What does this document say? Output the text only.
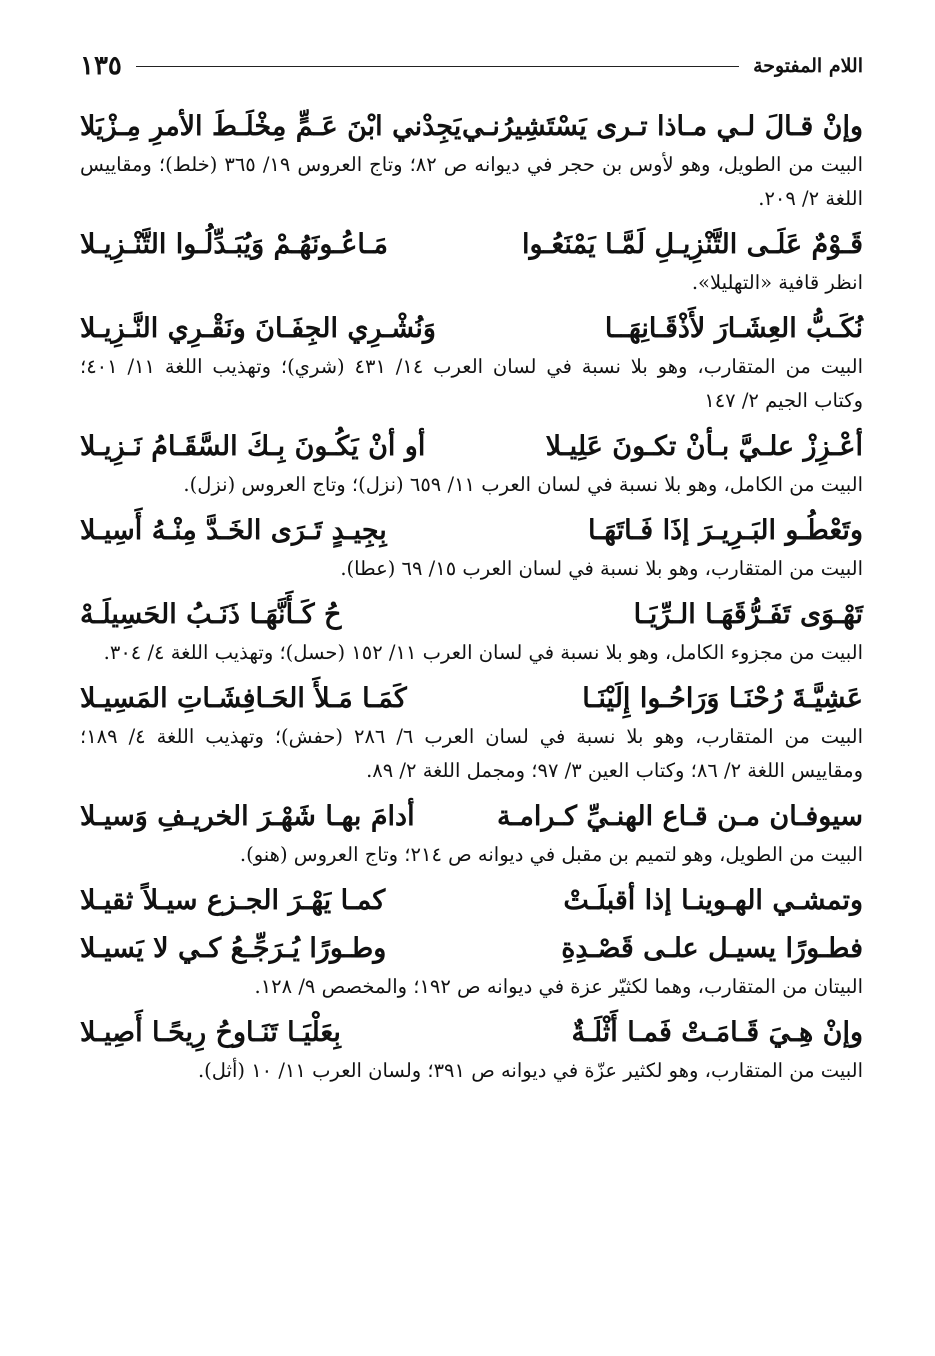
اللام المفتوحة
١٣٥
وإنْ قـالَ لـي مـاذا تـرى يَسْتَشِيرُنـي
يَجِدْني ابْنَ عَـمٍّ مِخْلَـطَ الأمرِ مِـزْيَلا
البيت من الطويل، وهو لأوس بن حجر في ديوانه ص ٨٢؛ وتاج العروس ١٩/ ٣٦٥ (خلط)؛ ومقاييس اللغة ٢/ ٢٠٩.
قَـوْمٌ عَلَـى التَّنْزِيـلِ لَمَّـا يَمْنَعُـوا
مَـاعُـونَهُـمْ وَيُبَـدِّلُـوا التَّنْـزِيـلا
انظر قافية «التهليلا».
نُكَـبُّ العِشَـارَ لأَذْقَـانِهَــا
وَنُشْـرِي الجِفَـانَ ونَقْـرِي النَّـزِيـلا
البيت من المتقارب، وهو بلا نسبة في لسان العرب ١٤/ ٤٣١ (شري)؛ وتهذيب اللغة ١١/ ٤٠١؛ وكتاب الجيم ٢/ ١٤٧
أعْـزِزْ علـيَّ بـأنْ تكـونَ عَلِيـلا
أو أنْ يَكُـونَ بِـكَ السَّقَـامُ نَـزِيـلا
البيت من الكامل، وهو بلا نسبة في لسان العرب ١١/ ٦٥٩ (نزل)؛ وتاج العروس (نزل).
وتَعْطُـو البَـرِيـرَ إذَا فَـاتَهَـا
بِجِيـدٍ تَـرَى الخَـدَّ مِنْـهُ أَسِيـلا
البيت من المتقارب، وهو بلا نسبة في لسان العرب ١٥/ ٦٩ (عطا).
تَهْـوَى تَفَـرُّقَهَـا الـرِّيَـا
حُ كَـأَنَّهَـا ذَنَـبُ الحَسِيلَـهْ
البيت من مجزوء الكامل، وهو بلا نسبة في لسان العرب ١١/ ١٥٢ (حسل)؛ وتهذيب اللغة ٤/ ٣٠٤.
عَشِيَّـةَ رُحْنَـا وَرَاحُـوا إِلَيْنَـا
كَمَـا مَـلأَ الحَـافِشَـاتِ المَسِيـلا
البيت من المتقارب، وهو بلا نسبة في لسان العرب ٦/ ٢٨٦ (حفش)؛ وتهذيب اللغة ٤/ ١٨٩؛ ومقاييس اللغة ٢/ ٨٦؛ وكتاب العين ٣/ ٩٧؛ ومجمل اللغة ٢/ ٨٩.
سيوفـان مـن قـاع الهنـيِّ كـرامـة
أدامَ بهـا شَهْـرَ الخريـفِ وَسيـلا
البيت من الطويل، وهو لتميم بن مقبل في ديوانه ص ٢١٤؛ وتاج العروس (هنو).
وتمشـي الهـوينـا إذا أقبلَـتْ
كمـا يَهْـرَ الجـزع سيـلاً ثقيـلا
فطـورًا يسيـل علـى قَصْـدِةِ
وطـورًا يُـرَجِّـعُ كـي لا يَسيـلا
البيتان من المتقارب، وهما لكثيّر عزة في ديوانه ص ١٩٢؛ والمخصص ٩/ ١٢٨.
وإنْ هِـيَ قَـامَـتْ فَمـا أَثْلَـةٌ
بِعَلْيَـا تَنَـاوحُ رِيحًـا أَصِيـلا
البيت من المتقارب، وهو لكثير عزّة في ديوانه ص ٣٩١؛ ولسان العرب ١١/ ١٠ (أثل).
